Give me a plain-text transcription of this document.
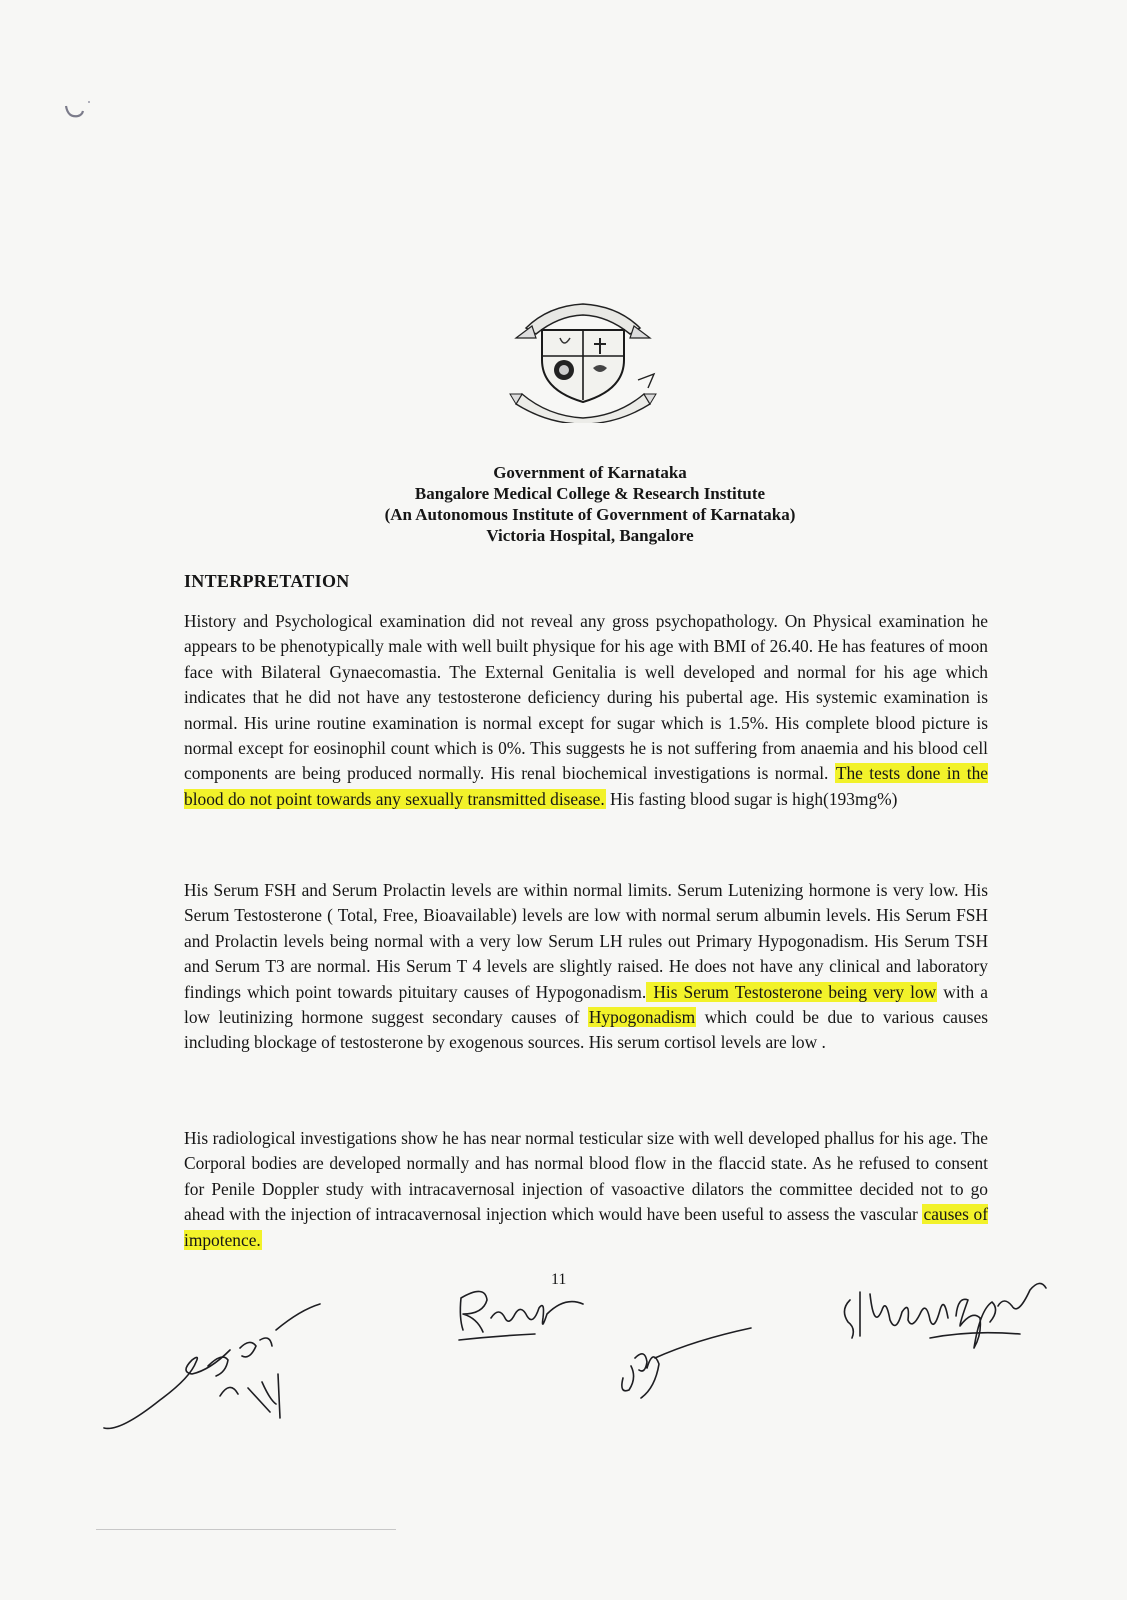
Government of Karnataka
Bangalore Medical College & Research Institute
(An Autonomous Institute of Government of Karnataka)
Victoria Hospital, Bangalore
INTERPRETATION

History and Psychological examination did not reveal any gross psychopathology. On Physical examination he appears to be phenotypically male with well built physique for his age with BMI of 26.40. He has features of moon face with Bilateral Gynaecomastia. The External Genitalia is well developed and normal for his age which indicates that he did not have any testosterone deficiency during his pubertal age. His systemic examination is normal. His urine routine examination is normal except for sugar which is 1.5%. His complete blood picture is normal except for eosinophil count which is 0%. This suggests he is not suffering from anaemia and his blood cell components are being produced normally. His renal biochemical investigations is normal. The tests done in the blood do not point towards any sexually transmitted disease. His fasting blood sugar is high(193mg%)

His Serum FSH and Serum Prolactin levels are within normal limits. Serum Lutenizing hormone is very low. His Serum Testosterone ( Total, Free, Bioavailable) levels are low with normal serum albumin levels. His Serum FSH and Prolactin levels being normal with a very low Serum LH rules out Primary Hypogonadism. His Serum TSH and Serum T3 are normal. His Serum T 4 levels are slightly raised. He does not have any clinical and laboratory findings which point towards pituitary causes of Hypogonadism. His Serum Testosterone being very low with a low leutinizing hormone suggest secondary causes of Hypogonadism which could be due to various causes including blockage of testosterone by exogenous sources. His serum cortisol levels are low .

His radiological investigations show he has near normal testicular size with well developed phallus for his age. The Corporal bodies are developed normally and has normal blood flow in the flaccid state. As he refused to consent for Penile Doppler study with intracavernosal injection of vasoactive dilators the committee decided not to go ahead with the injection of intracavernosal injection which would have been useful to assess the vascular causes of impotence.

11
